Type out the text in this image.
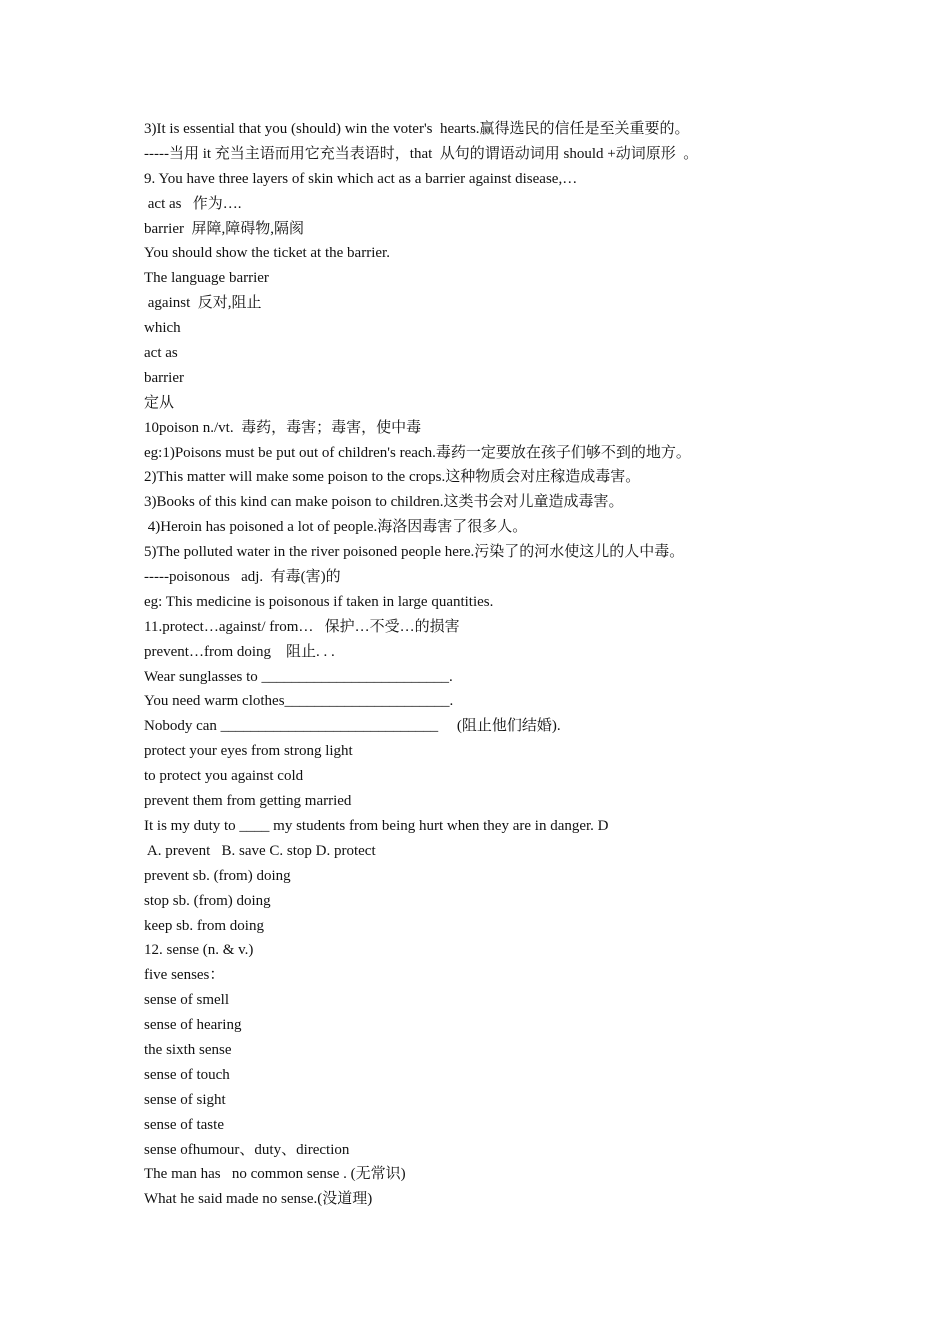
3)It is essential that you (should) win the voter's  hearts.赢得选民的信任是至关重要的。
-----当用 it 充当主语而用它充当表语时，that  从句的谓语动词用 should +动词原形  。
9. You have three layers of skin which act as a barrier against disease,…
act as   作为….
barrier  屏障,障碍物,隔阂
You should show the ticket at the barrier.
The language barrier
against  反对,阻止
which
act as
barrier
定从
10poison n./vt.  毒药，毒害；毒害，使中毒
eg:1)Poisons must be put out of children's reach.毒药一定要放在孩子们够不到的地方。
2)This matter will make some poison to the crops.这种物质会对庄稼造成毒害。
3)Books of this kind can make poison to children.这类书会对儿童造成毒害。
4)Heroin has poisoned a lot of people.海洛因毒害了很多人。
5)The polluted water in the river poisoned people here.污染了的河水使这儿的人中毒。
-----poisonous   adj.  有毒(害)的
eg: This medicine is poisonous if taken in large quantities.
11.protect…against/ from…   保护…不受…的损害
prevent…from doing    阻止. . .
Wear sunglasses to _________________________.
You need warm clothes______________________.
Nobody can _____________________________     (阻止他们结婚).
protect your eyes from strong light
to protect you against cold
prevent them from getting married
It is my duty to ____ my students from being hurt when they are in danger. D
A. prevent   B. save C. stop D. protect
prevent sb. (from) doing
stop sb. (from) doing
keep sb. from doing
12. sense (n. & v.)
five senses：
sense of smell
sense of hearing
the sixth sense
sense of touch
sense of sight
sense of taste
sense ofhumour、duty、direction
The man has   no common sense . (无常识)
What he said made no sense.(没道理)
